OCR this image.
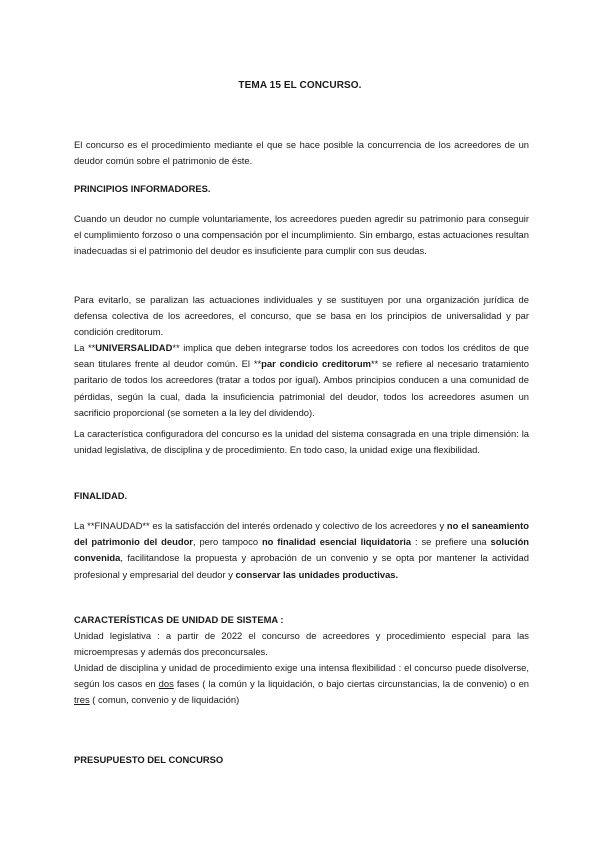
TEMA 15 EL CONCURSO.

El concurso es el procedimiento mediante el que se hace posible la concurrencia de los acreedores de un deudor común sobre el patrimonio de éste.

PRINCIPIOS INFORMADORES.

Cuando un deudor no cumple voluntariamente, los acreedores pueden agredir su patrimonio para conseguir el cumplimiento forzoso o una compensación por el incumplimiento. Sin embargo, estas actuaciones resultan inadecuadas si el patrimonio del deudor es insuficiente para cumplir con sus deudas.

Para evitarlo, se paralizan las actuaciones individuales y se sustituyen por una organización jurídica de defensa colectiva de los acreedores, el concurso, que se basa en los principios de universalidad y par condición creditorum.

La **UNIVERSALIDAD** implica que deben integrarse todos los acreedores con todos los créditos de que sean titulares frente al deudor común. El **par condicio creditorum** se refiere al necesario tratamiento paritario de todos los acreedores (tratar a todos por igual). Ambos principios conducen a una comunidad de pérdidas, según la cual, dada la insuficiencia patrimonial del deudor, todos los acreedores asumen un sacrificio proporcional (se someten a la ley del dividendo).

La característica configuradora del concurso es la unidad del sistema consagrada en una triple dimensión: la unidad legislativa, de disciplina y de procedimiento. En todo caso, la unidad exige una flexibilidad.

FINALIDAD.

La **FINAUDAD** es la satisfacción del interés ordenado y colectivo de los acreedores y no el saneamiento del patrimonio del deudor, pero tampoco no finalidad esencial liquidatoria : se prefiere una solución convenida, facilitandose la propuesta y aprobación de un convenio y se opta por mantener la actividad profesional y empresarial del deudor y conservar las unidades productivas.

CARACTERÍSTICAS DE UNIDAD DE SISTEMA :

Unidad legislativa : a partir de 2022 el concurso de acreedores y procedimiento especial para las microempresas y además dos preconcursales.

Unidad de disciplina y unidad de procedimiento exige una intensa flexibilidad : el concurso puede disolverse, según los casos en dos fases ( la común y la liquidación, o bajo ciertas circunstancias, la de convenio) o en tres ( comun, convenio y de liquidación)

PRESUPUESTO DEL CONCURSO
